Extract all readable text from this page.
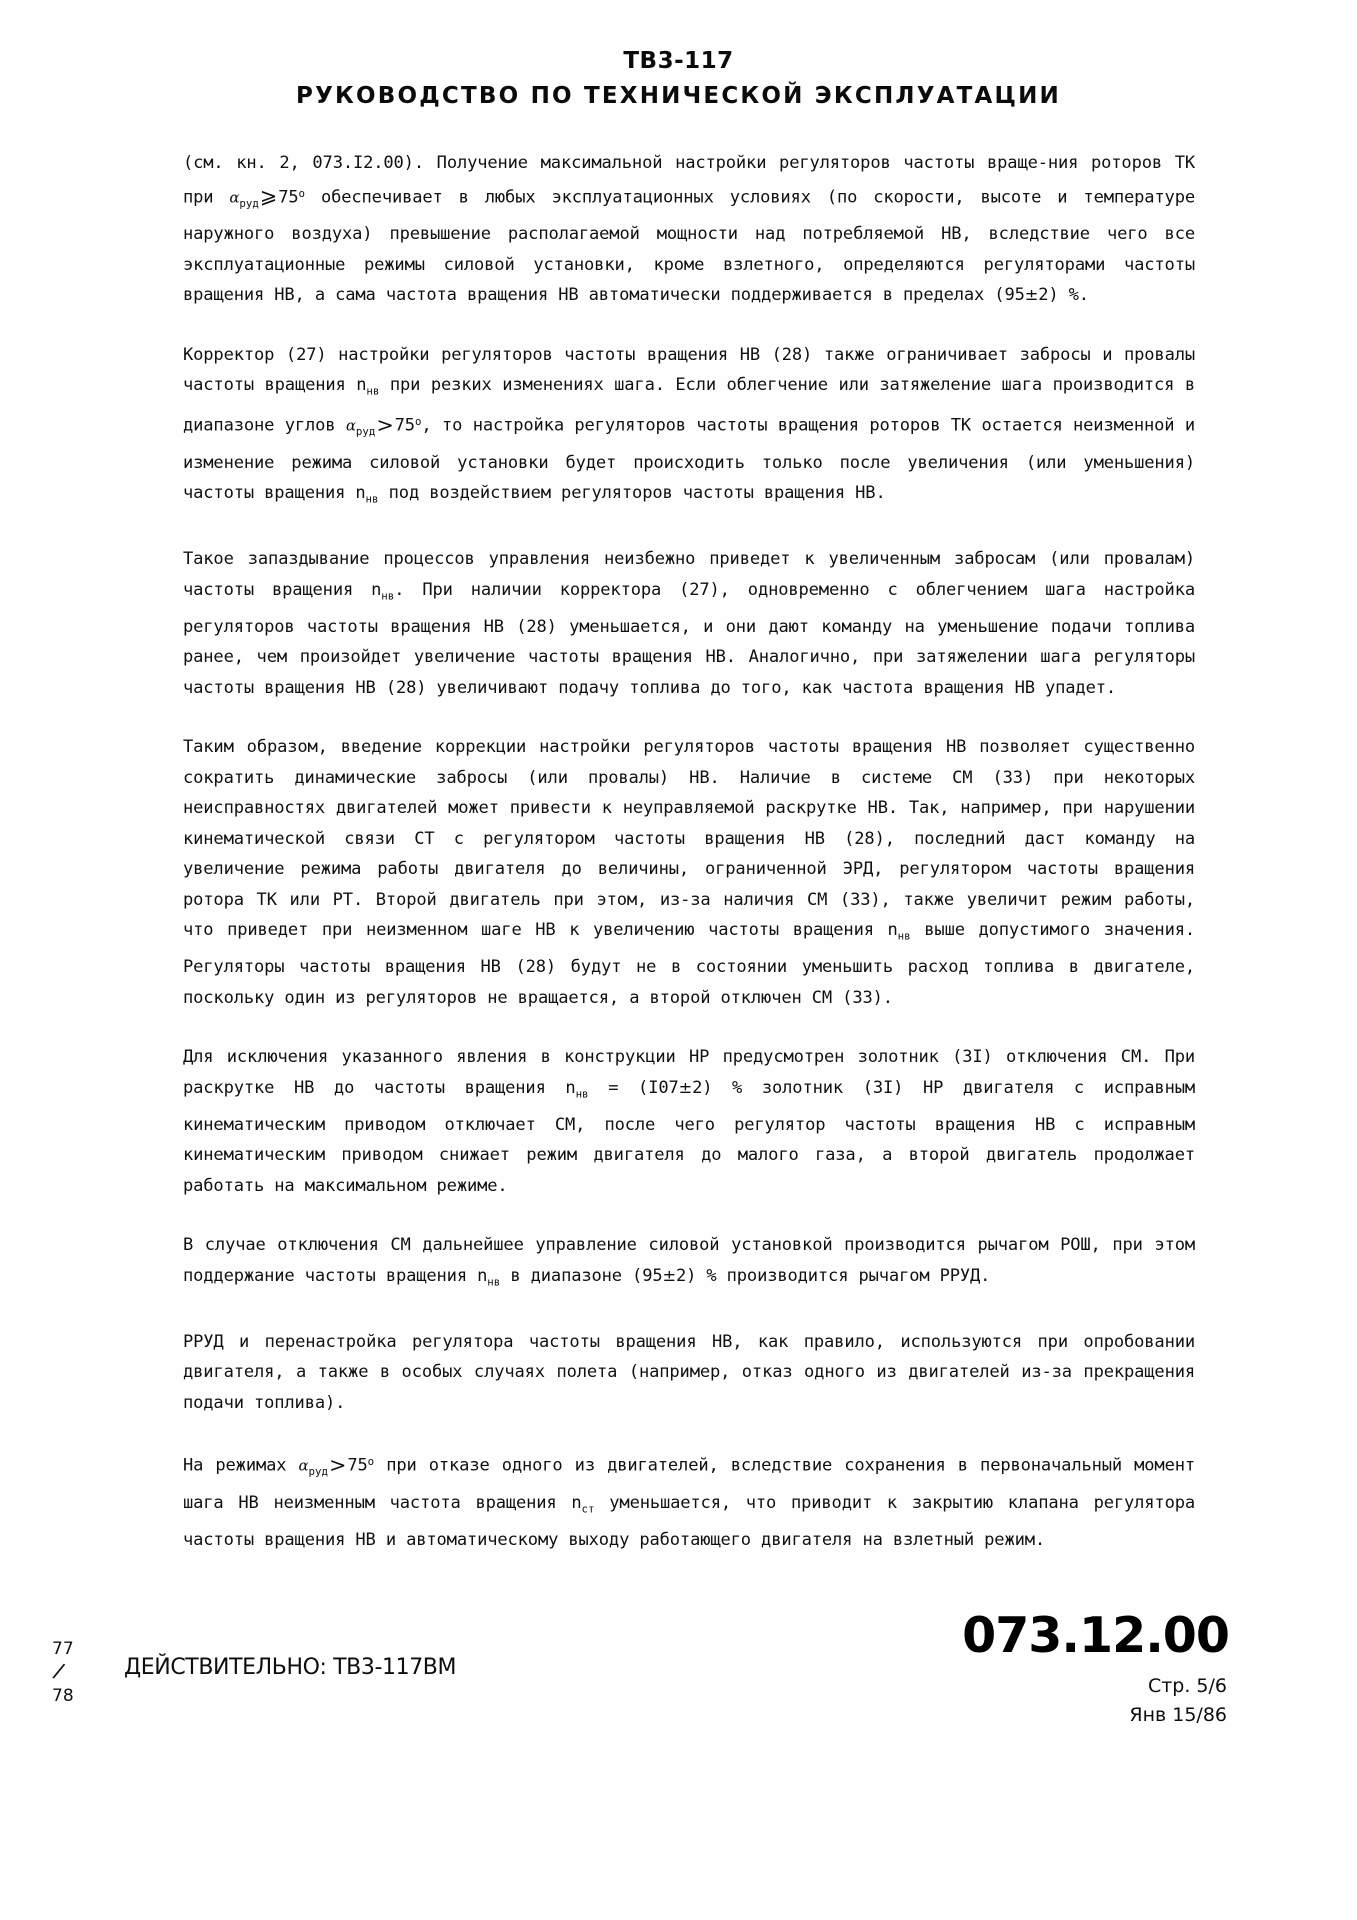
ТВ3-117
РУКОВОДСТВО ПО ТЕХНИЧЕСКОЙ ЭКСПЛУАТАЦИИ

(см. кн. 2, 073.I2.00). Получение максимальной настройки регуляторов частоты враще-ния роторов ТК при $\alpha_{руд}⩾75^о$ обеспечивает в любых эксплуатационных условиях (по скорости, высоте и температуре наружного воздуха) превышение располагаемой мощности над потребляемой НВ, вследствие чего все эксплуатационные режимы силовой установки, кроме взлетного, определяются регуляторами частоты вращения НВ, а сама частота вращения НВ автоматически поддерживается в пределах (95±2) %.

Корректор (27) настройки регуляторов частоты вращения НВ (28) также ограничивает забросы и провалы частоты вращения $n_{нв}$ при резких изменениях шага. Если облегчение или затяжеление шага производится в диапазоне углов $\alpha_{руд}>75^о$, то настройка регуляторов частоты вращения роторов ТК остается неизменной и изменение режима силовой установки будет происходить только после увеличения (или уменьшения) частоты вращения $n_{нв}$ под воздействием регуляторов частоты вращения НВ.

Такое запаздывание процессов управления неизбежно приведет к увеличенным забросам (или провалам) частоты вращения $n_{нв}$. При наличии корректора (27), одновременно с облегчением шага настройка регуляторов частоты вращения НВ (28) уменьшается, и они дают команду на уменьшение подачи топлива ранее, чем произойдет увеличение частоты вращения НВ. Аналогично, при затяжелении шага регуляторы частоты вращения НВ (28) увеличивают подачу топлива до того, как частота вращения НВ упадет.

Таким образом, введение коррекции настройки регуляторов частоты вращения НВ позволяет существенно сократить динамические забросы (или провалы) НВ. Наличие в системе СМ (33) при некоторых неисправностях двигателей может привести к неуправляемой раскрутке НВ. Так, например, при нарушении кинематической связи СТ с регулятором частоты вращения НВ (28), последний даст команду на увеличение режима работы двигателя до величины, ограниченной ЭРД, регулятором частоты вращения ротора ТК или РТ. Второй двигатель при этом, из-за наличия СМ (33), также увеличит режим работы, что приведет при неизменном шаге НВ к увеличению частоты вращения $n_{нв}$ выше допустимого значения. Регуляторы частоты вращения НВ (28) будут не в состоянии уменьшить расход топлива в двигателе, поскольку один из регуляторов не вращается, а второй отключен СМ (33).

Для исключения указанного явления в конструкции НР предусмотрен золотник (3I) отключения СМ. При раскрутке НВ до частоты вращения $n_{нв} = (I07\pm 2)$ % золотник (3I) НР двигателя с исправным кинематическим приводом отключает СМ, после чего регулятор частоты вращения НВ с исправным кинематическим приводом снижает режим двигателя до малого газа, а второй двигатель продолжает работать на максимальном режиме.

В случае отключения СМ дальнейшее управление силовой установкой производится рычагом РОШ, при этом поддержание частоты вращения $n_{нв}$ в диапазоне (95±2) % производится рычагом РРУД.

РРУД и перенастройка регулятора частоты вращения НВ, как правило, используются при опробовании двигателя, а также в особых случаях полета (например, отказ одного из двигателей из-за прекращения подачи топлива).

На режимах $\alpha_{руд}>75^о$ при отказе одного из двигателей, вследствие сохранения в первоначальный момент шага НВ неизменным частота вращения $n_{ст}$ уменьшается, что приводит к закрытию клапана регулятора частоты вращения НВ и автоматическому выходу работающего двигателя на взлетный режим.

77
/
78
ДЕЙСТВИТЕЛЬНО: ТВ3-117ВМ
073.12.00
Стр. 5/6
Янв 15/86
